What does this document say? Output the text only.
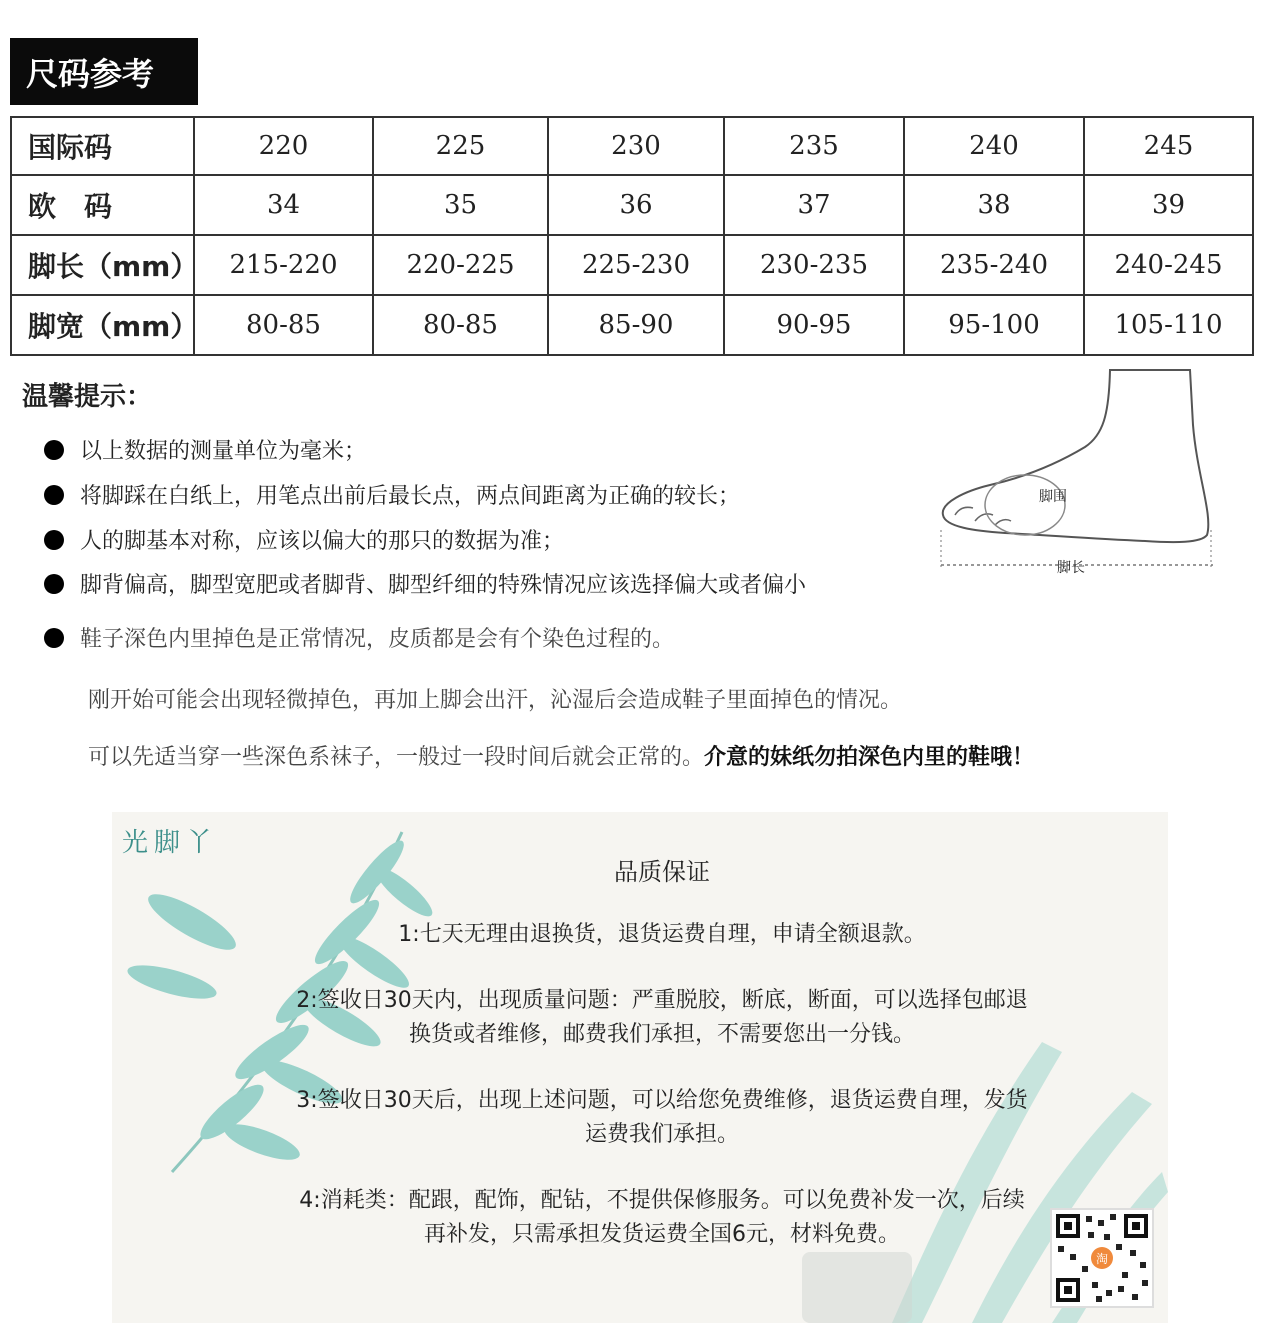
尺码参考
国际码	220	225	230	235	240	245
欧　码	34	35	36	37	38	39
脚长（mm）	215-220	220-225	225-230	230-235	235-240	240-245
脚宽（mm）	80-85	80-85	85-90	90-95	95-100	105-110
温馨提示：
以上数据的测量单位为毫米；
将脚踩在白纸上，用笔点出前后最长点，两点间距离为正确的较长；
人的脚基本对称，应该以偏大的那只的数据为准；
脚背偏高，脚型宽肥或者脚背、脚型纤细的特殊情况应该选择偏大或者偏小
鞋子深色内里掉色是正常情况，皮质都是会有个染色过程的。
刚开始可能会出现轻微掉色，再加上脚会出汗，沁湿后会造成鞋子里面掉色的情况。
可以先适当穿一些深色系袜子，一般过一段时间后就会正常的。介意的妹纸勿拍深色内里的鞋哦！
脚围
脚长
光脚丫
品质保证
1:七天无理由退换货，退货运费自理，申请全额退款。
2:签收日30天内，出现质量问题：严重脱胶，断底，断面，可以选择包邮退换货或者维修，邮费我们承担，不需要您出一分钱。
3:签收日30天后，出现上述问题，可以给您免费维修，退货运费自理，发货运费我们承担。
4:消耗类：配跟，配饰，配钻，不提供保修服务。可以免费补发一次，后续再补发，只需承担发货运费全国6元，材料免费。
淘
